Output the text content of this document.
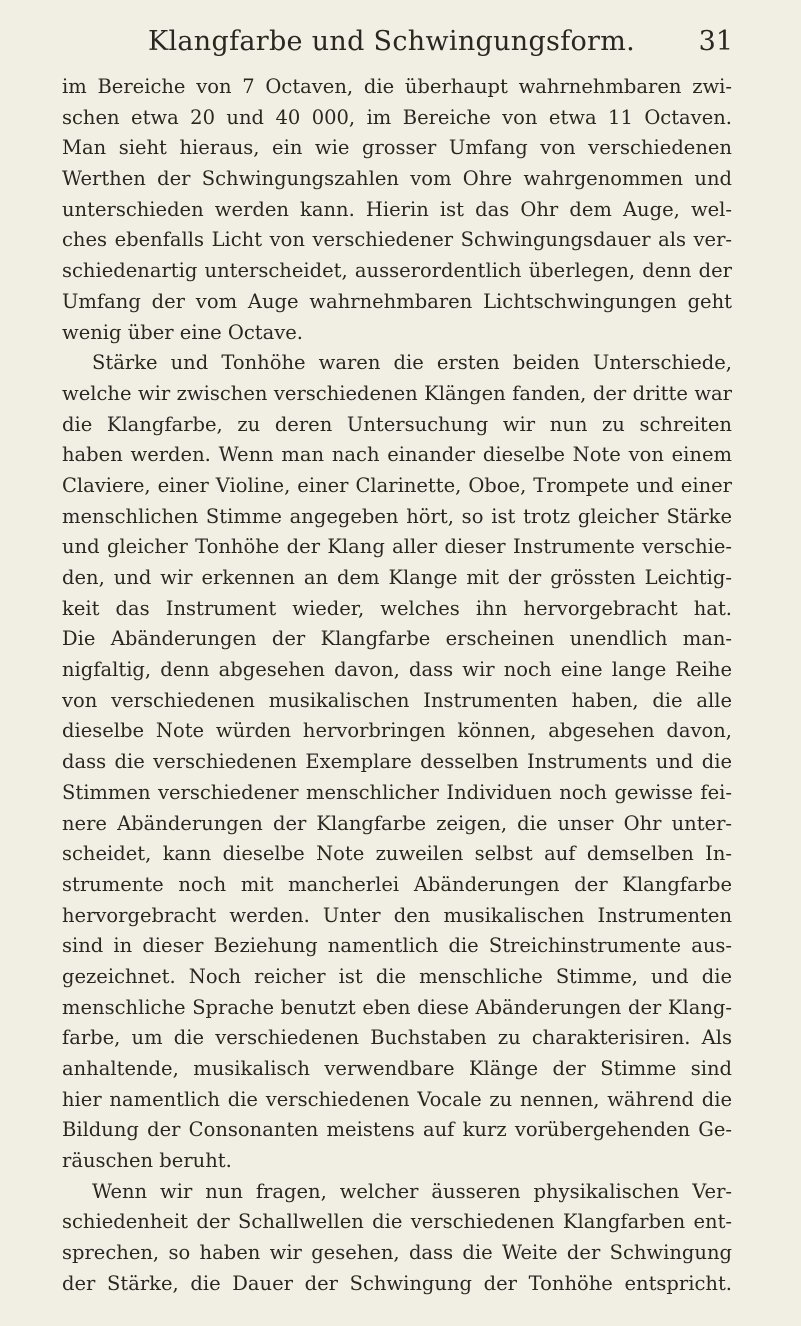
Klangfarbe und Schwingungsform. 31
im Bereiche von 7 Octaven, die überhaupt wahrnehmbaren zwi-
schen etwa 20 und 40 000, im Bereiche von etwa 11 Octaven.
Man sieht hieraus, ein wie grosser Umfang von verschiedenen
Werthen der Schwingungszahlen vom Ohre wahrgenommen und
unterschieden werden kann. Hierin ist das Ohr dem Auge, wel-
ches ebenfalls Licht von verschiedener Schwingungsdauer als ver-
schiedenartig unterscheidet, ausserordentlich überlegen, denn der
Umfang der vom Auge wahrnehmbaren Lichtschwingungen geht
wenig über eine Octave.
Stärke und Tonhöhe waren die ersten beiden Unterschiede,
welche wir zwischen verschiedenen Klängen fanden, der dritte war
die Klangfarbe, zu deren Untersuchung wir nun zu schreiten
haben werden. Wenn man nach einander dieselbe Note von einem
Claviere, einer Violine, einer Clarinette, Oboe, Trompete und einer
menschlichen Stimme angegeben hört, so ist trotz gleicher Stärke
und gleicher Tonhöhe der Klang aller dieser Instrumente verschie-
den, und wir erkennen an dem Klange mit der grössten Leichtig-
keit das Instrument wieder, welches ihn hervorgebracht hat.
Die Abänderungen der Klangfarbe erscheinen unendlich man-
nigfaltig, denn abgesehen davon, dass wir noch eine lange Reihe
von verschiedenen musikalischen Instrumenten haben, die alle
dieselbe Note würden hervorbringen können, abgesehen davon,
dass die verschiedenen Exemplare desselben Instruments und die
Stimmen verschiedener menschlicher Individuen noch gewisse fei-
nere Abänderungen der Klangfarbe zeigen, die unser Ohr unter-
scheidet, kann dieselbe Note zuweilen selbst auf demselben In-
strumente noch mit mancherlei Abänderungen der Klangfarbe
hervorgebracht werden. Unter den musikalischen Instrumenten
sind in dieser Beziehung namentlich die Streichinstrumente aus-
gezeichnet. Noch reicher ist die menschliche Stimme, und die
menschliche Sprache benutzt eben diese Abänderungen der Klang-
farbe, um die verschiedenen Buchstaben zu charakterisiren. Als
anhaltende, musikalisch verwendbare Klänge der Stimme sind
hier namentlich die verschiedenen Vocale zu nennen, während die
Bildung der Consonanten meistens auf kurz vorübergehenden Ge-
räuschen beruht.
Wenn wir nun fragen, welcher äusseren physikalischen Ver-
schiedenheit der Schallwellen die verschiedenen Klangfarben ent-
sprechen, so haben wir gesehen, dass die Weite der Schwingung
der Stärke, die Dauer der Schwingung der Tonhöhe entspricht.
